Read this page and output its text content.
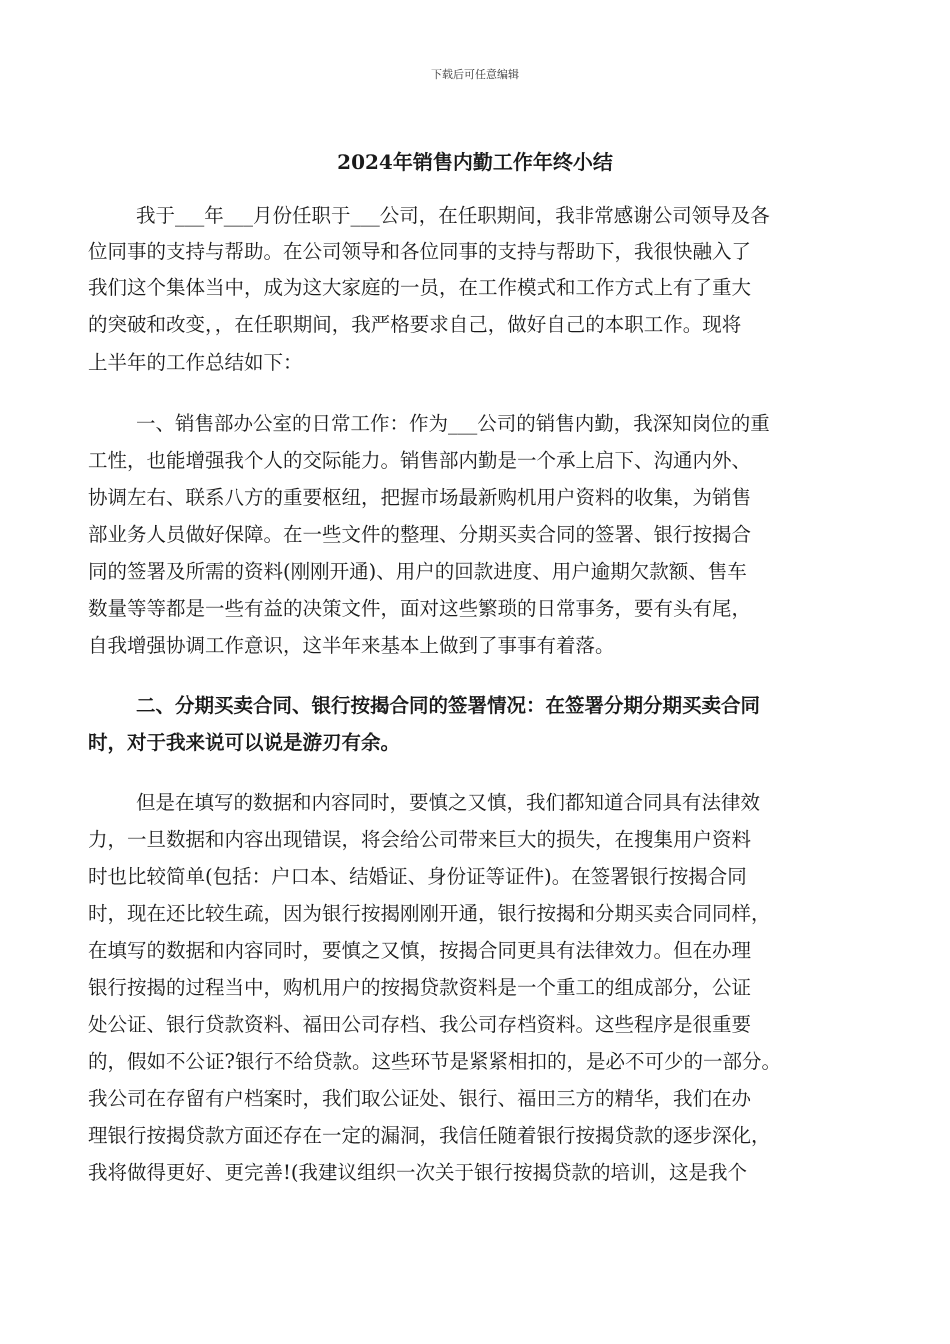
下载后可任意编辑
2024年销售内勤工作年终小结
我于___年___月份任职于___公司，在任职期间，我非常感谢公司领导及各
位同事的支持与帮助。在公司领导和各位同事的支持与帮助下，我很快融入了
我们这个集体当中，成为这大家庭的一员，在工作模式和工作方式上有了重大
的突破和改变，，在任职期间，我严格要求自己，做好自己的本职工作。现将
上半年的工作总结如下：
一、销售部办公室的日常工作：作为___公司的销售内勤，我深知岗位的重
工性，也能增强我个人的交际能力。销售部内勤是一个承上启下、沟通内外、
协调左右、联系八方的重要枢纽，把握市场最新购机用户资料的收集，为销售
部业务人员做好保障。在一些文件的整理、分期买卖合同的签署、银行按揭合
同的签署及所需的资料(刚刚开通)、用户的回款进度、用户逾期欠款额、售车
数量等等都是一些有益的决策文件，面对这些繁琐的日常事务，要有头有尾，
自我增强协调工作意识，这半年来基本上做到了事事有着落。
二、分期买卖合同、银行按揭合同的签署情况：在签署分期分期买卖合同
时，对于我来说可以说是游刃有余。
但是在填写的数据和内容同时，要慎之又慎，我们都知道合同具有法律效
力，一旦数据和内容出现错误，将会给公司带来巨大的损失，在搜集用户资料
时也比较简单(包括：户口本、结婚证、身份证等证件)。在签署银行按揭合同
时，现在还比较生疏，因为银行按揭刚刚开通，银行按揭和分期买卖合同同样，
在填写的数据和内容同时，要慎之又慎，按揭合同更具有法律效力。但在办理
银行按揭的过程当中，购机用户的按揭贷款资料是一个重工的组成部分，公证
处公证、银行贷款资料、福田公司存档、我公司存档资料。这些程序是很重要
的，假如不公证?银行不给贷款。这些环节是紧紧相扣的，是必不可少的一部分。
我公司在存留有户档案时，我们取公证处、银行、福田三方的精华，我们在办
理银行按揭贷款方面还存在一定的漏洞，我信任随着银行按揭贷款的逐步深化，
我将做得更好、更完善!(我建议组织一次关于银行按揭贷款的培训，这是我个
